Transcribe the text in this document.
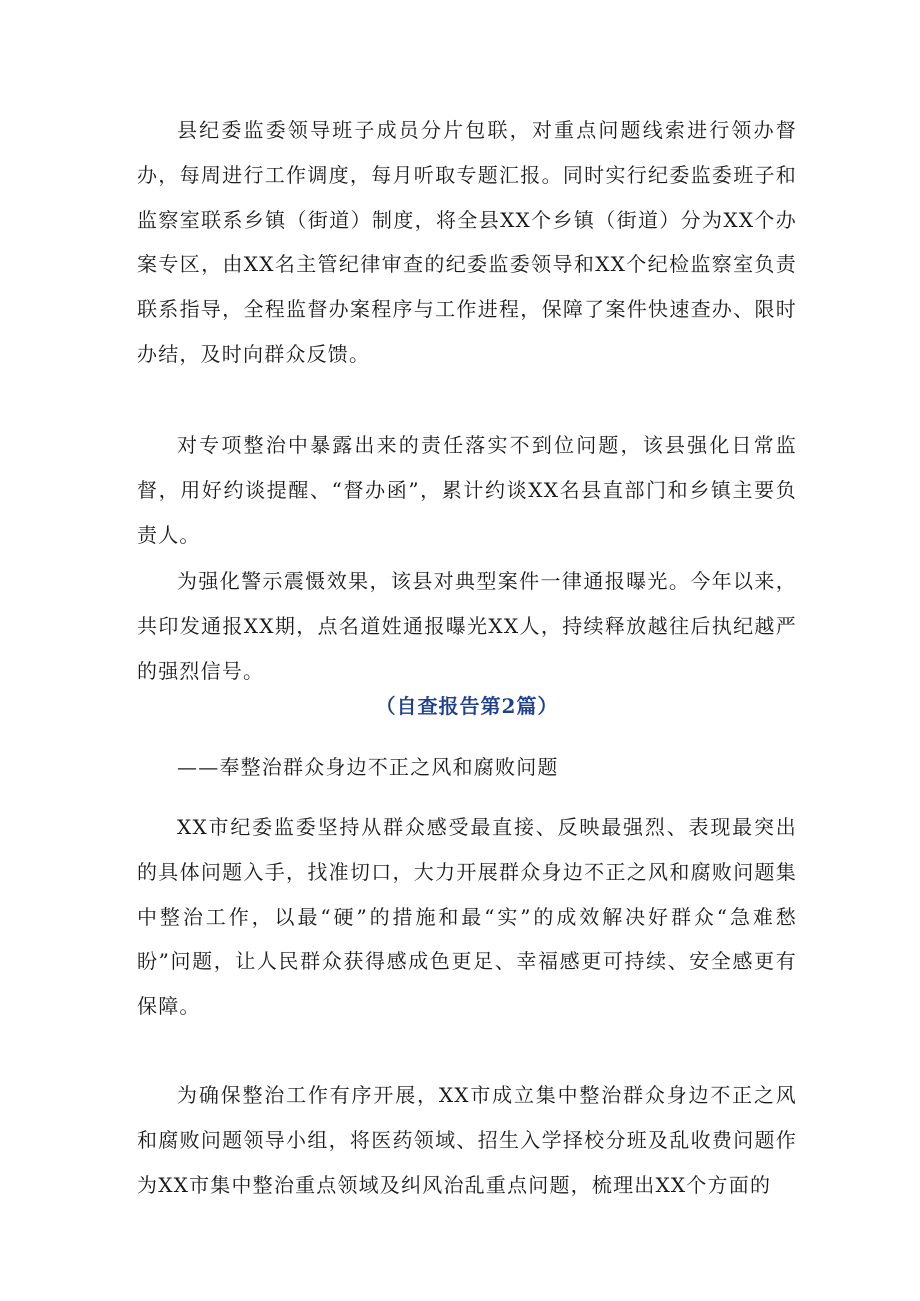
县纪委监委领导班子成员分片包联，对重点问题线索进行领办督办，每周进行工作调度，每月听取专题汇报。同时实行纪委监委班子和监察室联系乡镇（街道）制度，将全县XX个乡镇（街道）分为XX个办案专区，由XX名主管纪律审查的纪委监委领导和XX个纪检监察室负责联系指导，全程监督办案程序与工作进程，保障了案件快速查办、限时办结，及时向群众反馈。

对专项整治中暴露出来的责任落实不到位问题，该县强化日常监督，用好约谈提醒、“督办函”，累计约谈XX名县直部门和乡镇主要负责人。

为强化警示震慑效果，该县对典型案件一律通报曝光。今年以来，共印发通报XX期，点名道姓通报曝光XX人，持续释放越往后执纪越严的强烈信号。

（自查报告第2篇）

——奉整治群众身边不正之风和腐败问题

XX市纪委监委坚持从群众感受最直接、反映最强烈、表现最突出的具体问题入手，找准切口，大力开展群众身边不正之风和腐败问题集中整治工作，以最“硬”的措施和最“实”的成效解决好群众“急难愁盼”问题，让人民群众获得感成色更足、幸福感更可持续、安全感更有保障。

为确保整治工作有序开展，XX市成立集中整治群众身边不正之风和腐败问题领导小组，将医药领域、招生入学择校分班及乱收费问题作为XX市集中整治重点领域及纠风治乱重点问题，梳理出XX个方面的
